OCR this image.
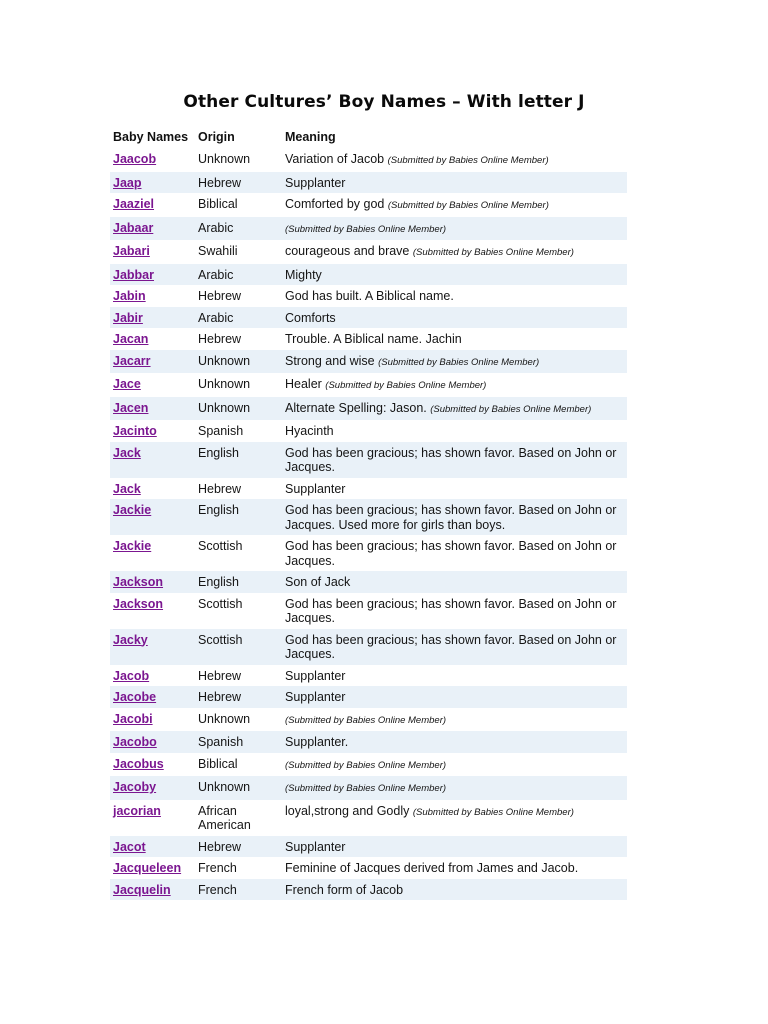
Other Cultures’ Boy Names – With letter J
Baby Names	Origin	Meaning
Jaacob	Unknown	Variation of Jacob (Submitted by Babies Online Member)
Jaap	Hebrew	Supplanter
Jaaziel	Biblical	Comforted by god (Submitted by Babies Online Member)
Jabaar	Arabic	(Submitted by Babies Online Member)
Jabari	Swahili	courageous and brave (Submitted by Babies Online Member)
Jabbar	Arabic	Mighty
Jabin	Hebrew	God has built. A Biblical name.
Jabir	Arabic	Comforts
Jacan	Hebrew	Trouble. A Biblical name. Jachin
Jacarr	Unknown	Strong and wise (Submitted by Babies Online Member)
Jace	Unknown	Healer (Submitted by Babies Online Member)
Jacen	Unknown	Alternate Spelling: Jason. (Submitted by Babies Online Member)
Jacinto	Spanish	Hyacinth
Jack	English	God has been gracious; has shown favor. Based on John or Jacques.
Jack	Hebrew	Supplanter
Jackie	English	God has been gracious; has shown favor. Based on John or Jacques. Used more for girls than boys.
Jackie	Scottish	God has been gracious; has shown favor. Based on John or Jacques.
Jackson	English	Son of Jack
Jackson	Scottish	God has been gracious; has shown favor. Based on John or Jacques.
Jacky	Scottish	God has been gracious; has shown favor. Based on John or Jacques.
Jacob	Hebrew	Supplanter
Jacobe	Hebrew	Supplanter
Jacobi	Unknown	(Submitted by Babies Online Member)
Jacobo	Spanish	Supplanter.
Jacobus	Biblical	(Submitted by Babies Online Member)
Jacoby	Unknown	(Submitted by Babies Online Member)
jacorian	African American	loyal,strong and Godly (Submitted by Babies Online Member)
Jacot	Hebrew	Supplanter
Jacqueleen	French	Feminine of Jacques derived from James and Jacob.
Jacquelin	French	French form of Jacob
